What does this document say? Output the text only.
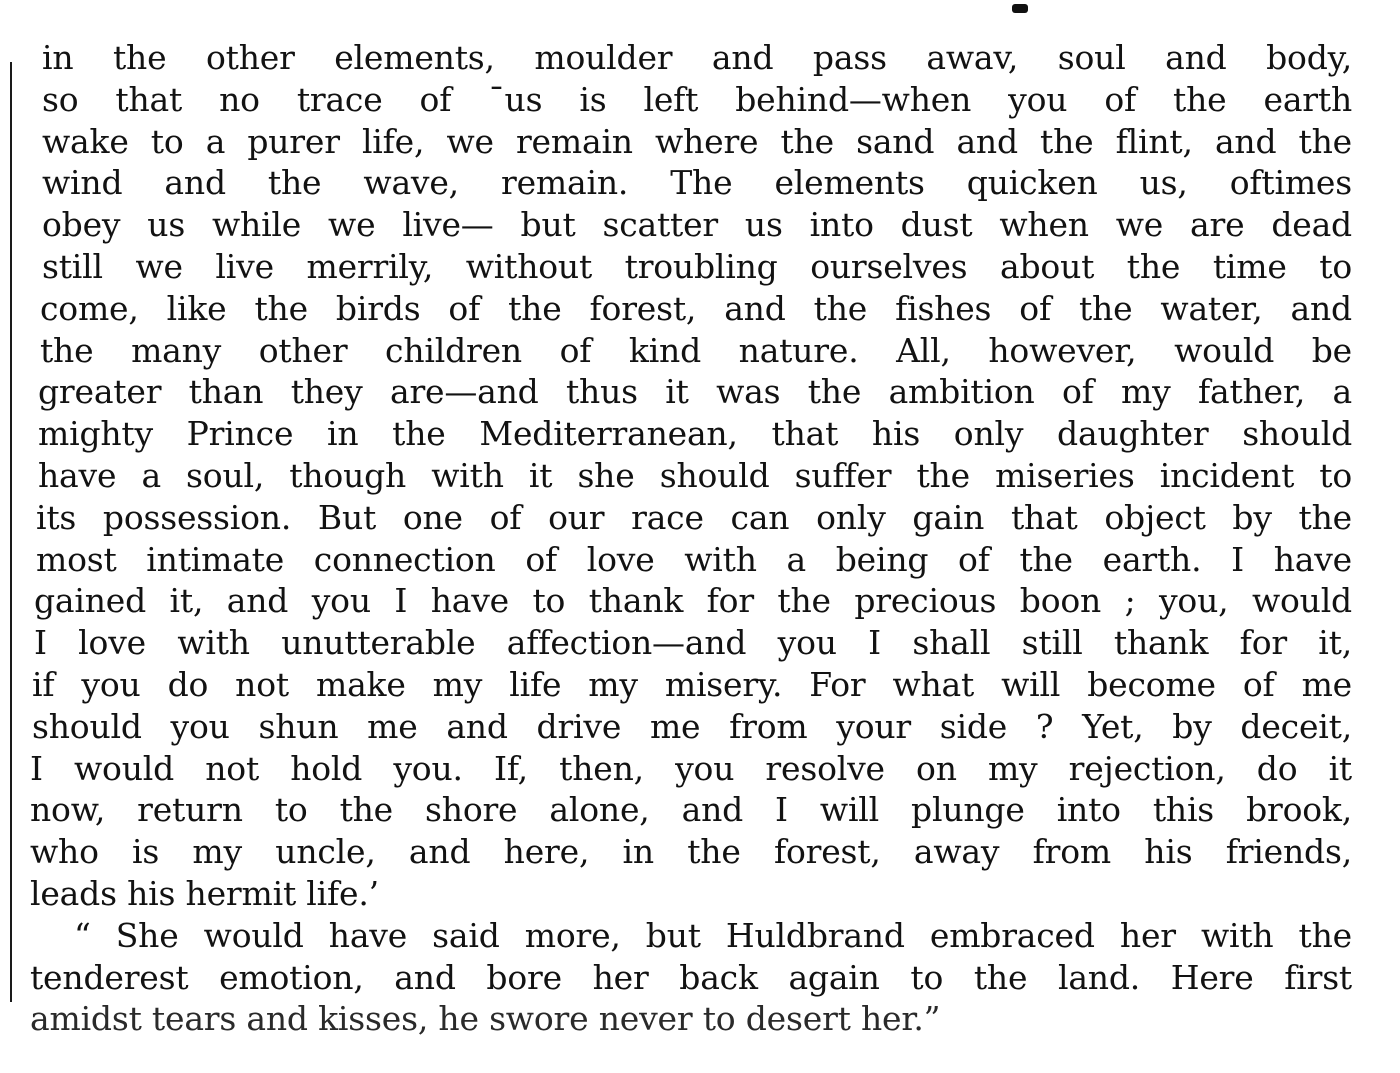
in the other elements, moulder and pass awav, soul and body,
so that no trace of ˉus is left behind—when you of the earth
wake to a purer life, we remain where the sand and the flint, and the
wind and the wave, remain. The elements quicken us, oftimes
obey us while we live— but scatter us into dust when we are dead
still we live merrily, without troubling ourselves about the time to
come, like the birds of the forest, and the fishes of the water, and
the many other children of kind nature. All, however, would be
greater than they are—and thus it was the ambition of my father, a
mighty Prince in the Mediterranean, that his only daughter should
have a soul, though with it she should suffer the miseries incident to
its possession. But one of our race can only gain that object by the
most intimate connection of love with a being of the earth. I have
gained it, and you I have to thank for the precious boon ; you, would
I love with unutterable affection—and you I shall still thank for it,
if you do not make my life my misery. For what will become of me
should you shun me and drive me from your side ? Yet, by deceit,
I would not hold you. If, then, you resolve on my rejection, do it
now, return to the shore alone, and I will plunge into this brook,
who is my uncle, and here, in the forest, away from his friends,
leads his hermit life.’
“ She would have said more, but Huldbrand embraced her with the
tenderest emotion, and bore her back again to the land. Here first
amidst tears and kisses, he swore never to desert her.”
